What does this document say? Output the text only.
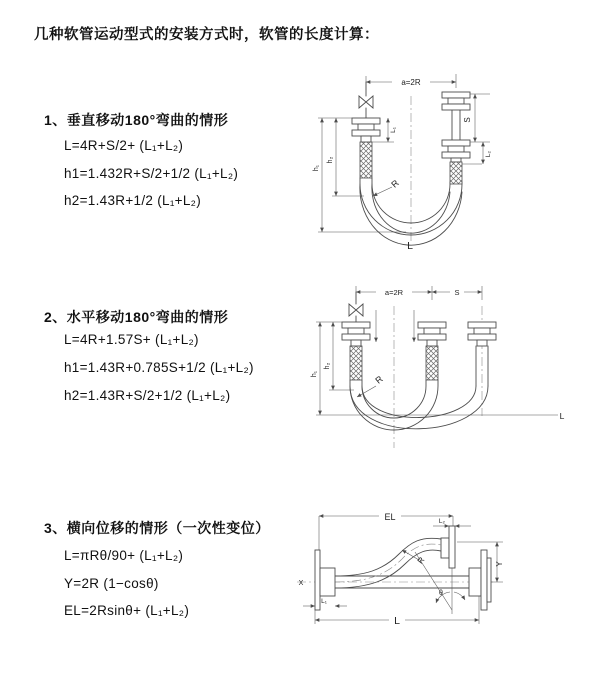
几种软管运动型式的安装方式时，软管的长度计算：
1、垂直移动180°弯曲的情形
L=4R+S/2+ (L₁+L₂)
h1=1.432R+S/2+1/2 (L₁+L₂)
h2=1.43R+1/2 (L₁+L₂)
2、水平移动180°弯曲的情形
L=4R+1.57S+ (L₁+L₂)
h1=1.43R+0.785S+1/2 (L₁+L₂)
h2=1.43R+S/2+1/2 (L₁+L₂)
3、横向位移的情形（一次性变位）
L=πRθ/90+ (L₁+L₂)
Y=2R (1−cosθ)
EL=2Rsinθ+ (L₁+L₂)
a=2R
S
L₂
L₁
h₁
h₂
R
L
a=2R	S
h₁
h₂
R
L
EL	L₂
Y
R
θ
X
L₁
L
